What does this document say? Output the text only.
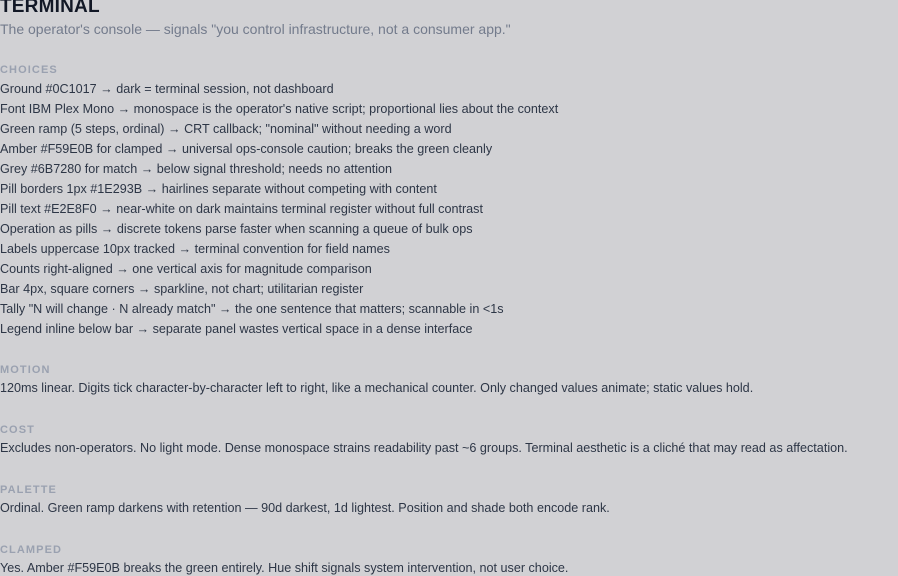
TERMINAL
The operator's console — signals "you control infrastructure, not a consumer app."
CHOICES
Ground #0C1017 → dark = terminal session, not dashboard
Font IBM Plex Mono → monospace is the operator's native script; proportional lies about the context
Green ramp (5 steps, ordinal) → CRT callback; "nominal" without needing a word
Amber #F59E0B for clamped → universal ops-console caution; breaks the green cleanly
Grey #6B7280 for match → below signal threshold; needs no attention
Pill borders 1px #1E293B → hairlines separate without competing with content
Pill text #E2E8F0 → near-white on dark maintains terminal register without full contrast
Operation as pills → discrete tokens parse faster when scanning a queue of bulk ops
Labels uppercase 10px tracked → terminal convention for field names
Counts right-aligned → one vertical axis for magnitude comparison
Bar 4px, square corners → sparkline, not chart; utilitarian register
Tally "N will change · N already match" → the one sentence that matters; scannable in <1s
Legend inline below bar → separate panel wastes vertical space in a dense interface
MOTION
120ms linear. Digits tick character-by-character left to right, like a mechanical counter. Only changed values animate; static values hold.
COST
Excludes non-operators. No light mode. Dense monospace strains readability past ~6 groups. Terminal aesthetic is a cliché that may read as affectation.
PALETTE
Ordinal. Green ramp darkens with retention — 90d darkest, 1d lightest. Position and shade both encode rank.
CLAMPED
Yes. Amber #F59E0B breaks the green entirely. Hue shift signals system intervention, not user choice.
